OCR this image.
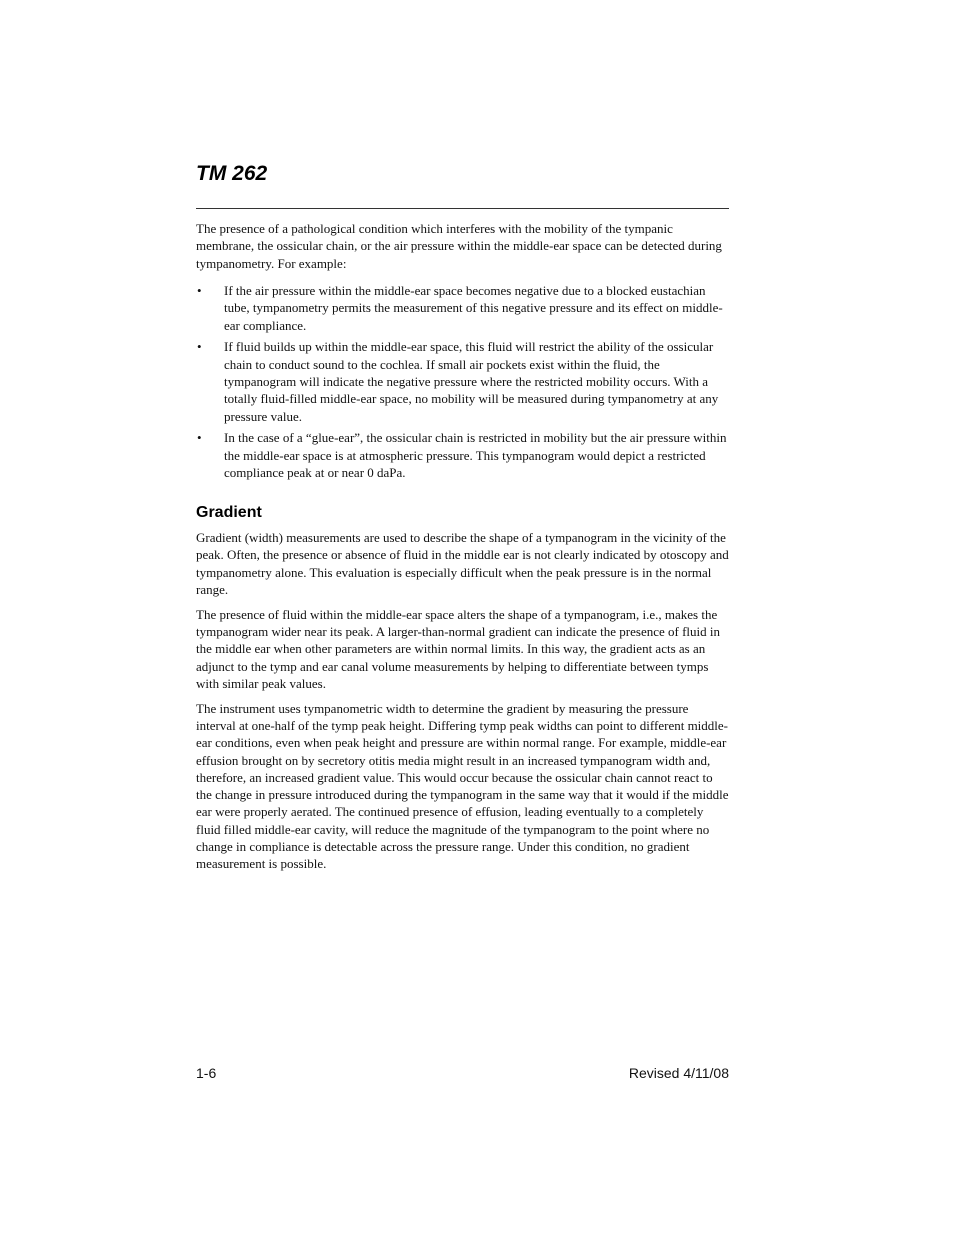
TM 262

The presence of a pathological condition which interferes with the mobility of the tympanic membrane, the ossicular chain, or the air pressure within the middle-ear space can be detected during tympanometry. For example:

• If the air pressure within the middle-ear space becomes negative due to a blocked eustachian tube, tympanometry permits the measurement of this negative pressure and its effect on middle-ear compliance.
• If fluid builds up within the middle-ear space, this fluid will restrict the ability of the ossicular chain to conduct sound to the cochlea. If small air pockets exist within the fluid, the tympanogram will indicate the negative pressure where the restricted mobility occurs. With a totally fluid-filled middle-ear space, no mobility will be measured during tympanometry at any pressure value.
• In the case of a “glue-ear”, the ossicular chain is restricted in mobility but the air pressure within the middle-ear space is at atmospheric pressure. This tympanogram would depict a restricted compliance peak at or near 0 daPa.
Gradient

Gradient (width) measurements are used to describe the shape of a tympanogram in the vicinity of the peak. Often, the presence or absence of fluid in the middle ear is not clearly indicated by otoscopy and tympanometry alone. This evaluation is especially difficult when the peak pressure is in the normal range.

The presence of fluid within the middle-ear space alters the shape of a tympanogram, i.e., makes the tympanogram wider near its peak. A larger-than-normal gradient can indicate the presence of fluid in the middle ear when other parameters are within normal limits. In this way, the gradient acts as an adjunct to the tymp and ear canal volume measurements by helping to differentiate between tymps with similar peak values.

The instrument uses tympanometric width to determine the gradient by measuring the pressure interval at one-half of the tymp peak height. Differing tymp peak widths can point to different middle-ear conditions, even when peak height and pressure are within normal range. For example, middle-ear effusion brought on by secretory otitis media might result in an increased tympanogram width and, therefore, an increased gradient value. This would occur because the ossicular chain cannot react to the change in pressure introduced during the tympanogram in the same way that it would if the middle ear were properly aerated. The continued presence of effusion, leading eventually to a completely fluid filled middle-ear cavity, will reduce the magnitude of the tympanogram to the point where no change in compliance is detectable across the pressure range. Under this condition, no gradient measurement is possible.

1-6	Revised 4/11/08
